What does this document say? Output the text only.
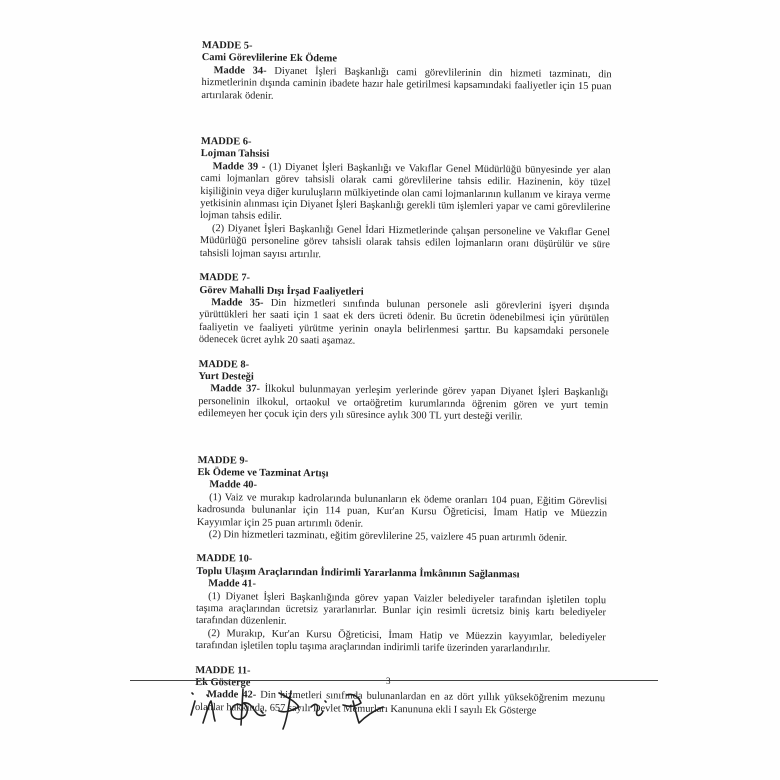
MADDE 5-
Cami Görevlilerine Ek Ödeme

Madde 34- Diyanet İşleri Başkanlığı cami görevlilerinin din hizmeti tazminatı, din hizmetlerinin dışında caminin ibadete hazır hale getirilmesi kapsamındaki faaliyetler için 15 puan artırılarak ödenir.

MADDE 6-
Lojman Tahsisi

Madde 39 - (1) Diyanet İşleri Başkanlığı ve Vakıflar Genel Müdürlüğü bünyesinde yer alan cami lojmanları görev tahsisli olarak cami görevlilerine tahsis edilir. Hazinenin, köy tüzel kişiliğinin veya diğer kuruluşların mülkiyetinde olan cami lojmanlarının kullanım ve kiraya verme yetkisinin alınması için Diyanet İşleri Başkanlığı gerekli tüm işlemleri yapar ve cami görevlilerine lojman tahsis edilir.

(2) Diyanet İşleri Başkanlığı Genel İdari Hizmetlerinde çalışan personeline ve Vakıflar Genel Müdürlüğü personeline görev tahsisli olarak tahsis edilen lojmanların oranı düşürülür ve süre tahsisli lojman sayısı artırılır.

MADDE 7-
Görev Mahalli Dışı İrşad Faaliyetleri

Madde 35- Din hizmetleri sınıfında bulunan personele asli görevlerini işyeri dışında yürüttükleri her saati için 1 saat ek ders ücreti ödenir. Bu ücretin ödenebilmesi için yürütülen faaliyetin ve faaliyeti yürütme yerinin onayla belirlenmesi şarttır. Bu kapsamdaki personele ödenecek ücret aylık 20 saati aşamaz.

MADDE 8-
Yurt Desteği

Madde 37- İlkokul bulunmayan yerleşim yerlerinde görev yapan Diyanet İşleri Başkanlığı personelinin ilkokul, ortaokul ve ortaöğretim kurumlarında öğrenim gören ve yurt temin edilemeyen her çocuk için ders yılı süresince aylık 300 TL yurt desteği verilir.

MADDE 9-
Ek Ödeme ve Tazminat Artışı

Madde 40-

(1) Vaiz ve murakıp kadrolarında bulunanların ek ödeme oranları 104 puan, Eğitim Görevlisi kadrosunda bulunanlar için 114 puan, Kur'an Kursu Öğreticisi, İmam Hatip ve Müezzin Kayyımlar için 25 puan artırımlı ödenir.

(2) Din hizmetleri tazminatı, eğitim görevlilerine 25, vaizlere 45 puan artırımlı ödenir.

MADDE 10-
Toplu Ulaşım Araçlarından İndirimli Yararlanma İmkânının Sağlanması

Madde 41-

(1) Diyanet İşleri Başkanlığında görev yapan Vaizler belediyeler tarafından işletilen toplu taşıma araçlarından ücretsiz yararlanırlar. Bunlar için resimli ücretsiz biniş kartı belediyeler tarafından düzenlenir.

(2) Murakıp, Kur'an Kursu Öğreticisi, İmam Hatip ve Müezzin kayyımlar, belediyeler tarafından işletilen toplu taşıma araçlarından indirimli tarife üzerinden yararlandırılır.

MADDE 11-
Ek Gösterge

Madde 42- Din hizmetleri sınıfında bulunanlardan en az dört yıllık yükseköğrenim mezunu olanlar hakkında, 657 sayılı Devlet Memurları Kanununa ekli I sayılı Ek Gösterge

3
